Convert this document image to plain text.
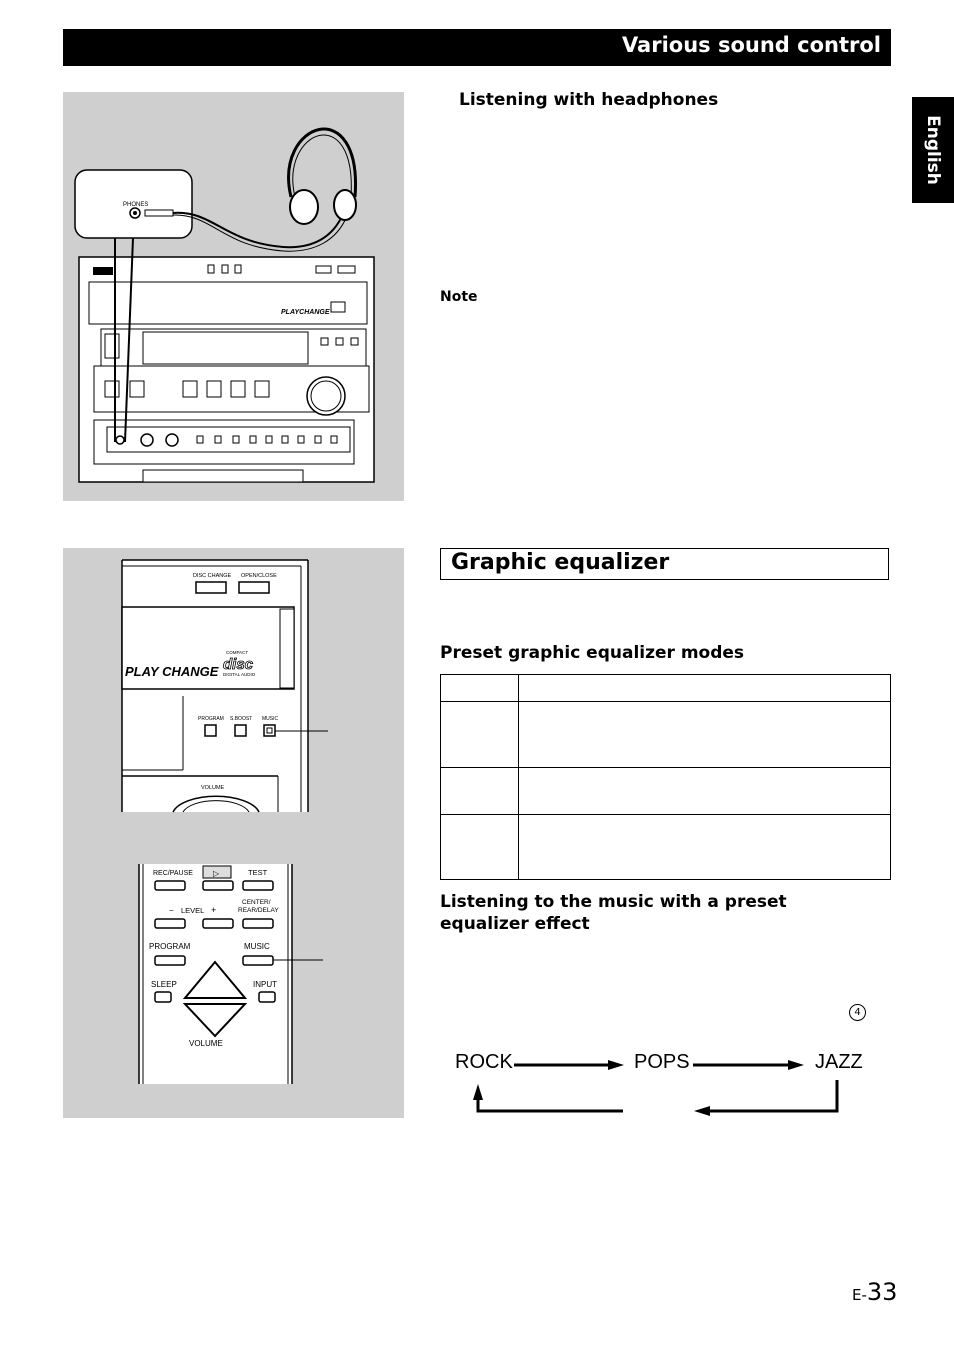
Various sound control
English
PLAYCHANGE
PHONES
Listening with headphones
Note
DISC CHANGE OPEN/CLOSE
PLAY CHANGE
COMPACT
disc
DIGITAL AUDIO
PROGRAM S.BOOST MUSIC
VOLUME
REC/PAUSE	▷	TEST
− LEVEL +
CENTER/
REAR/DELAY
PROGRAM	MUSIC
SLEEP	INPUT
VOLUME
Graphic equalizer
Preset graphic equalizer modes

Listening to the music with a preset equalizer effect
4
ROCK	POPS	JAZZ
E-33
